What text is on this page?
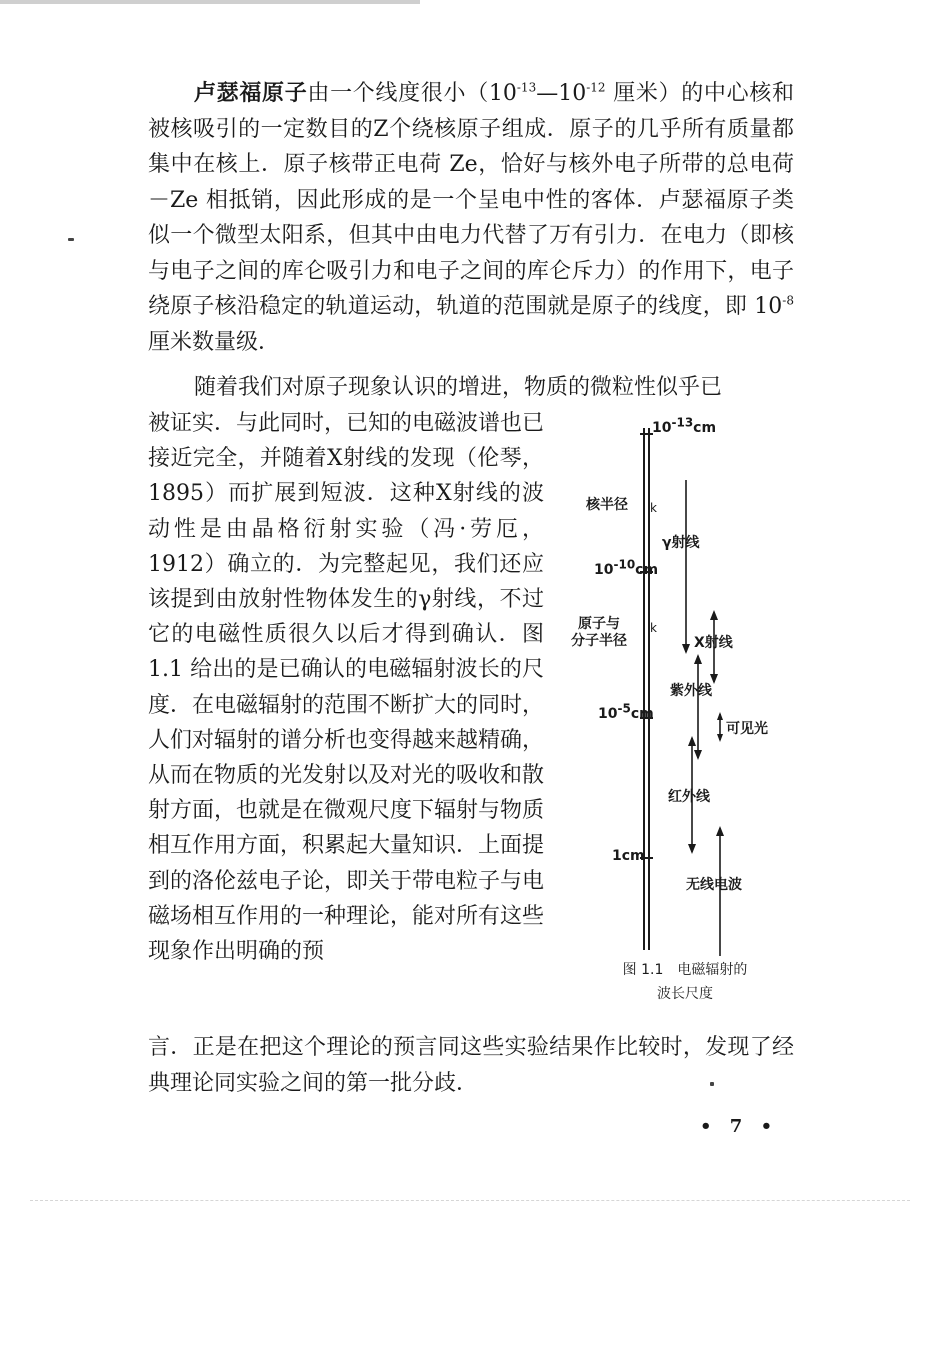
卢瑟福原子由一个线度很小（$10^{-13}—10^{-12}$ 厘米）的中心核和被核吸引的一定数目的Z个绕核原子组成．原子的几乎所有质量都集中在核上．原子核带正电荷 Ze，恰好与核外电子所带的总电荷－Ze 相抵销，因此形成的是一个呈电中性的客体．卢瑟福原子类似一个微型太阳系，但其中由电力代替了万有引力．在电力（即核与电子之间的库仑吸引力和电子之间的库仑斥力）的作用下，电子绕原子核沿稳定的轨道运动，轨道的范围就是原子的线度，即 $10^{-8}$ 厘米数量级．
随着我们对原子现象认识的增进，物质的微粒性似乎已
被证实．与此同时，已知的电磁波谱也已接近完全，并随着X射线的发现（伦琴，1895）而扩展到短波．这种X射线的波动性是由晶格衍射实验（冯·劳厄，1912）确立的．为完整起见，我们还应该提到由放射性物体发生的γ射线，不过它的电磁性质很久以后才得到确认．图 1.1 给出的是已确认的电磁辐射波长的尺度．在电磁辐射的范围不断扩大的同时，人们对辐射的谱分析也变得越来越精确，从而在物质的光发射以及对光的吸收和散射方面，也就是在微观尺度下辐射与物质相互作用方面，积累起大量知识．上面提到的洛伦兹电子论，即关于带电粒子与电磁场相互作用的一种理论，能对所有这些现象作出明确的预
言．正是在把这个理论的预言同这些实验结果作比较时，发现了经典理论同实验之间的第一批分歧．
k
k
$10^{-13}cm$
核半径
γ射线
$10^{-10}cm$
原子与
分子半径	X射线
紫外线
$10^{-5}cm$
可见光
红外线
1cm
无线电波
图 1.1　电磁辐射的
波长尺度
• 7 •
